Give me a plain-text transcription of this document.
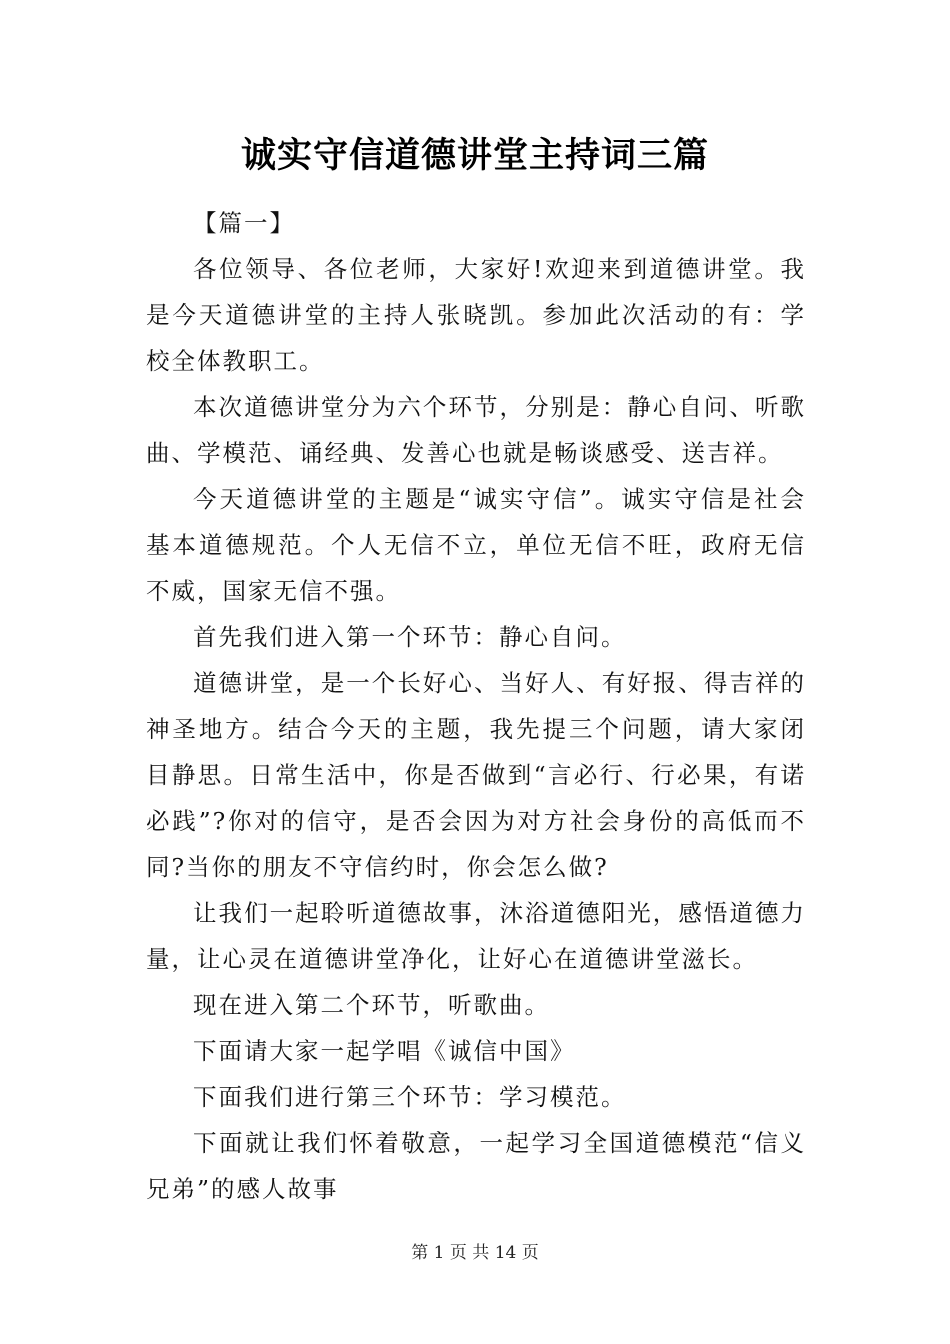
诚实守信道德讲堂主持词三篇

【篇一】

各位领导、各位老师，大家好!欢迎来到道德讲堂。我是今天道德讲堂的主持人张晓凯。参加此次活动的有：学校全体教职工。

本次道德讲堂分为六个环节，分别是：静心自问、听歌曲、学模范、诵经典、发善心也就是畅谈感受、送吉祥。

今天道德讲堂的主题是“诚实守信”。诚实守信是社会基本道德规范。个人无信不立，单位无信不旺，政府无信不威，国家无信不强。

首先我们进入第一个环节：静心自问。

道德讲堂，是一个长好心、当好人、有好报、得吉祥的神圣地方。结合今天的主题，我先提三个问题，请大家闭目静思。日常生活中，你是否做到“言必行、行必果，有诺必践”?你对的信守，是否会因为对方社会身份的高低而不同?当你的朋友不守信约时，你会怎么做?

让我们一起聆听道德故事，沐浴道德阳光，感悟道德力量，让心灵在道德讲堂净化，让好心在道德讲堂滋长。

现在进入第二个环节，听歌曲。

下面请大家一起学唱《诚信中国》

下面我们进行第三个环节：学习模范。

下面就让我们怀着敬意，一起学习全国道德模范“信义兄弟”的感人故事

第 1 页 共 14 页
